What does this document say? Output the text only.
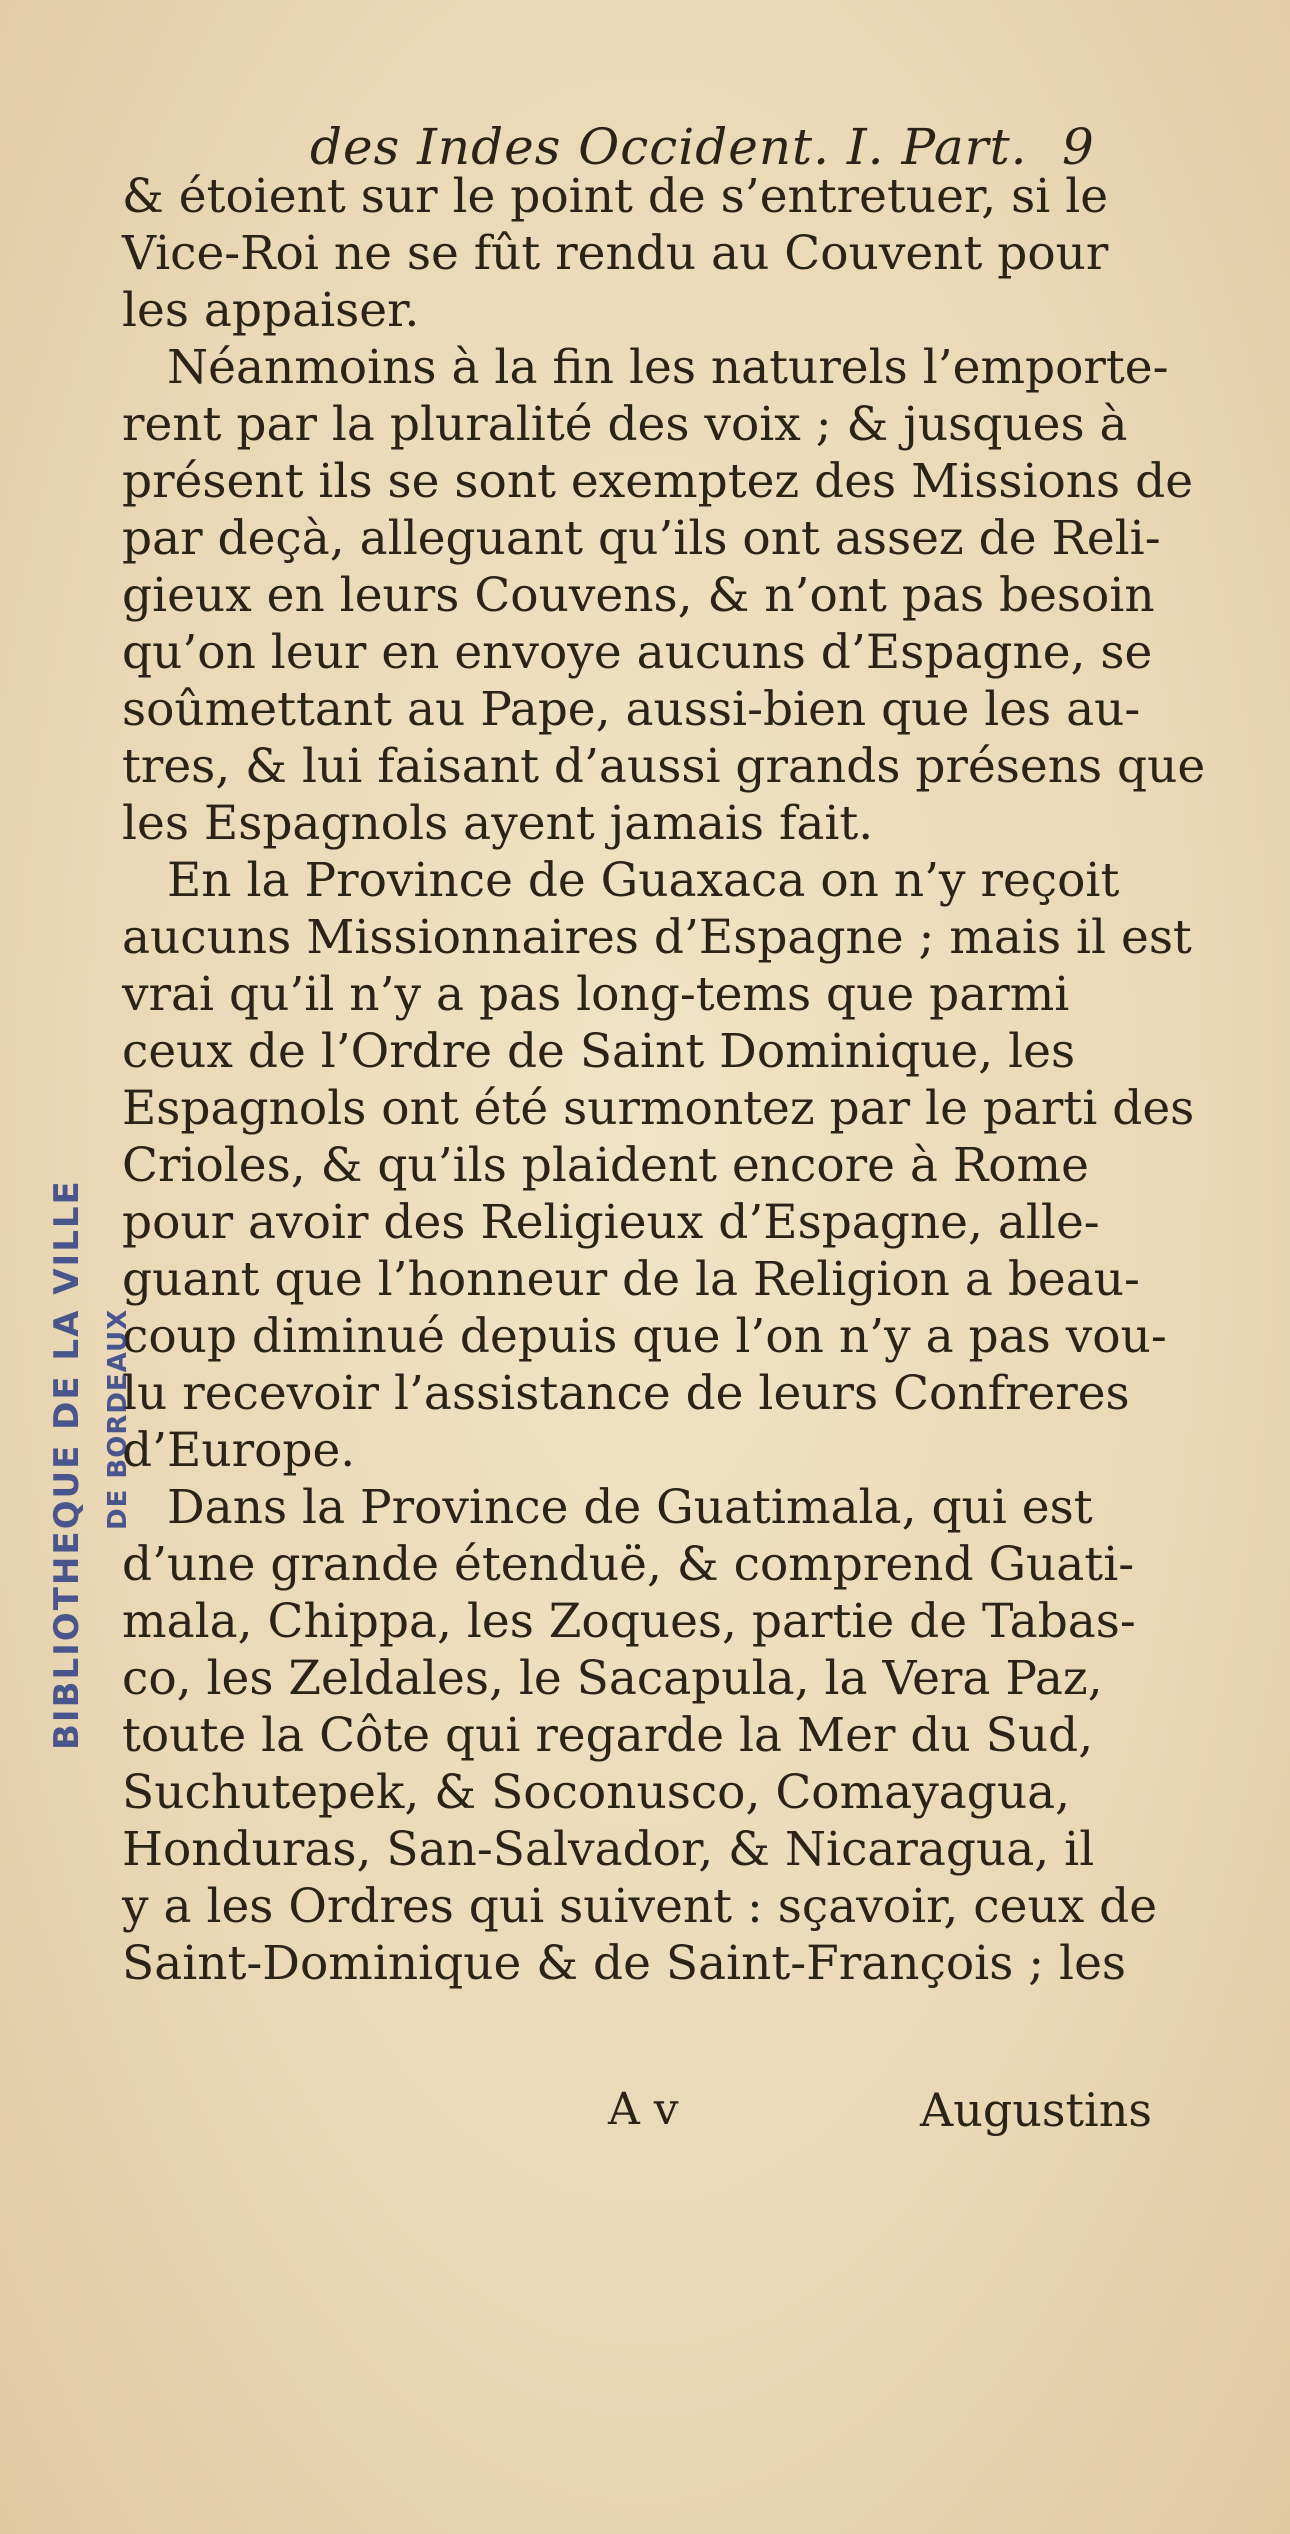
des Indes Occident. I. Part. 9
& étoient sur le point de s’entretuer, si le
Vice-Roi ne se fût rendu au Couvent pour
les appaiser.
Néanmoins à la fin les naturels l’emporte-
rent par la pluralité des voix ; & jusques à
présent ils se sont exemptez des Missions de
par deçà, alleguant qu’ils ont assez de Reli-
gieux en leurs Couvens, & n’ont pas besoin
qu’on leur en envoye aucuns d’Espagne, se
soûmettant au Pape, aussi-bien que les au-
tres, & lui faisant d’aussi grands présens que
les Espagnols ayent jamais fait.
En la Province de Guaxaca on n’y reçoit
aucuns Missionnaires d’Espagne ; mais il est
vrai qu’il n’y a pas long-tems que parmi
ceux de l’Ordre de Saint Dominique, les
Espagnols ont été surmontez par le parti des
Crioles, & qu’ils plaident encore à Rome
pour avoir des Religieux d’Espagne, alle-
guant que l’honneur de la Religion a beau-
coup diminué depuis que l’on n’y a pas vou-
lu recevoir l’assistance de leurs Confreres
d’Europe.
Dans la Province de Guatimala, qui est
d’une grande étenduë, & comprend Guati-
mala, Chippa, les Zoques, partie de Tabas-
co, les Zeldales, le Sacapula, la Vera Paz,
toute la Côte qui regarde la Mer du Sud,
Suchutepek, & Soconusco, Comayagua,
Honduras, San-Salvador, & Nicaragua, il
y a les Ordres qui suivent : sçavoir, ceux de
Saint-Dominique & de Saint-François ; les
A v	Augustins
BIBLIOTHEQUE DE LA VILLE DE BORDEAUX
